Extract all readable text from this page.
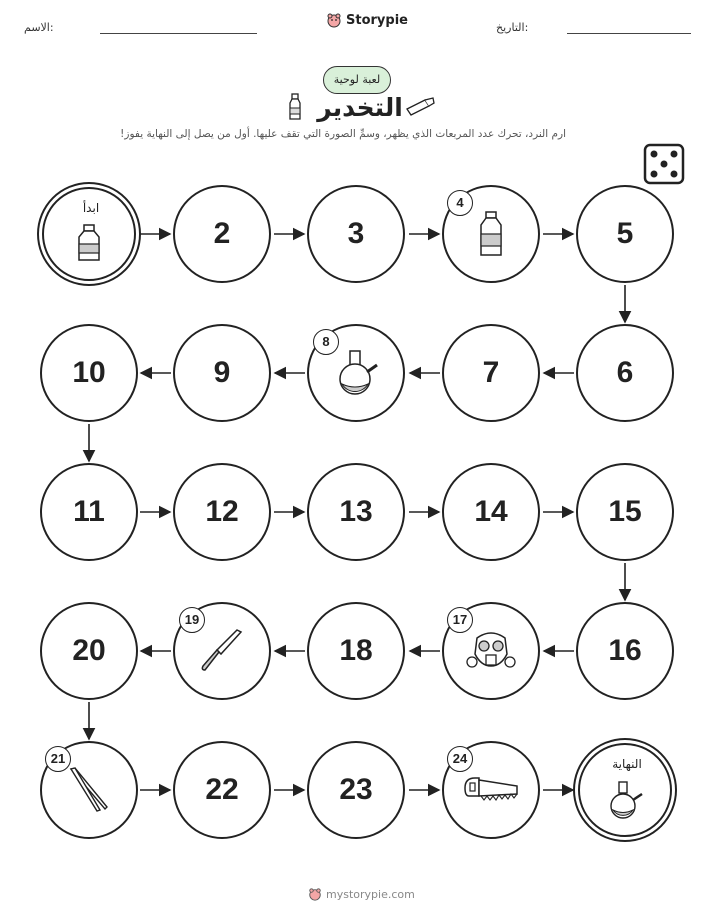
الاسم:	Storypie	التاريخ:
لعبة لوحية
التخدير
ارم النرد، تحرك عدد المربعات الذي يظهر، وسمِّ الصورة التي تقف عليها. أول من يصل إلى النهاية يفوز!
ابدأ
2	3
4
5
10	9
8
7	6
11	12	13	14	15
20
19
18
17
16
21
22	23
24	النهاية
mystorypie.com
